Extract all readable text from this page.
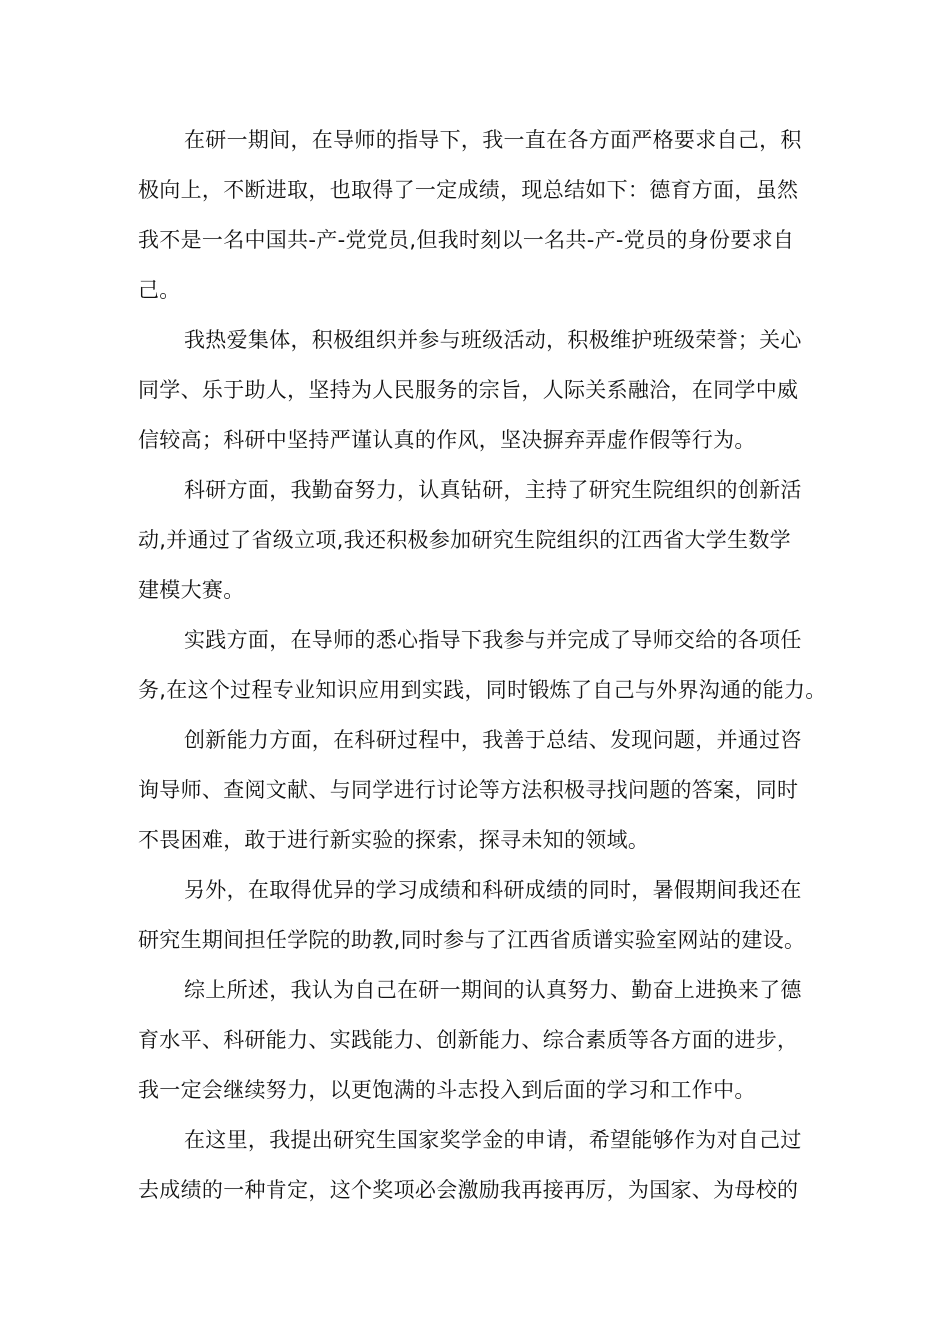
在研一期间，在导师的指导下，我一直在各方面严格要求自己，积
极向上，不断进取，也取得了一定成绩，现总结如下：德育方面，虽然
我不是一名中国共-产-党党员,但我时刻以一名共-产-党员的身份要求自
己。
我热爱集体，积极组织并参与班级活动，积极维护班级荣誉；关心
同学、乐于助人，坚持为人民服务的宗旨，人际关系融洽，在同学中威
信较高；科研中坚持严谨认真的作风，坚决摒弃弄虚作假等行为。
科研方面，我勤奋努力，认真钻研，主持了研究生院组织的创新活
动,并通过了省级立项,我还积极参加研究生院组织的江西省大学生数学
建模大赛。
实践方面，在导师的悉心指导下我参与并完成了导师交给的各项任
务,在这个过程专业知识应用到实践，同时锻炼了自己与外界沟通的能力。
创新能力方面，在科研过程中，我善于总结、发现问题，并通过咨
询导师、查阅文献、与同学进行讨论等方法积极寻找问题的答案，同时
不畏困难，敢于进行新实验的探索，探寻未知的领域。
另外，在取得优异的学习成绩和科研成绩的同时，暑假期间我还在
研究生期间担任学院的助教,同时参与了江西省质谱实验室网站的建设。
综上所述，我认为自己在研一期间的认真努力、勤奋上进换来了德
育水平、科研能力、实践能力、创新能力、综合素质等各方面的进步，
我一定会继续努力，以更饱满的斗志投入到后面的学习和工作中。
在这里，我提出研究生国家奖学金的申请，希望能够作为对自己过
去成绩的一种肯定，这个奖项必会激励我再接再厉，为国家、为母校的
